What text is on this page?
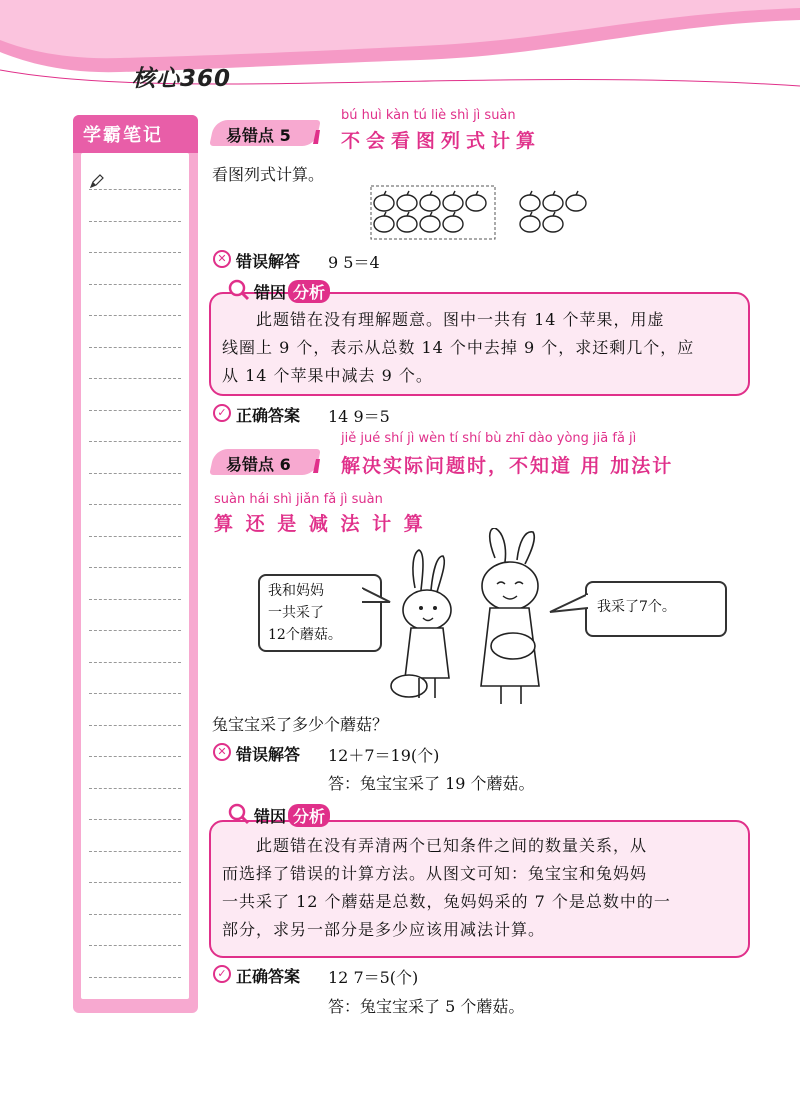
核心360
学霸笔记	易错点 5
bú huì kàn tú liè shì jì suàn
不会看图列式计算
看图列式计算。
✕ 错误解答 9 5＝4
错因 分析

此题错在没有理解题意。图中一共有 14 个苹果，用虚

线圈上 9 个，表示从总数 14 个中去掉 9 个，求还剩几个，应

从 14 个苹果中减去 9 个。

✓ 正确答案 14 9＝5
易错点 6
jiě jué shí jì wèn tí shí bù zhī dào yòng jiā fǎ jì
解决实际问题时，不知道 用 加法计
suàn hái shì jiǎn fǎ jì suàn
算 还 是 减 法 计 算
我和妈妈
一共采了
12个蘑菇。
我采了7个。
兔宝宝采了多少个蘑菇？
✕ 错误解答 12＋7＝19(个)
答：兔宝宝采了 19 个蘑菇。
错因 分析

此题错在没有弄清两个已知条件之间的数量关系，从

而选择了错误的计算方法。从图文可知：兔宝宝和兔妈妈

一共采了 12 个蘑菇是总数，兔妈妈采的 7 个是总数中的一

部分，求另一部分是多少应该用减法计算。

✓ 正确答案 12 7＝5(个)
答：兔宝宝采了 5 个蘑菇。
